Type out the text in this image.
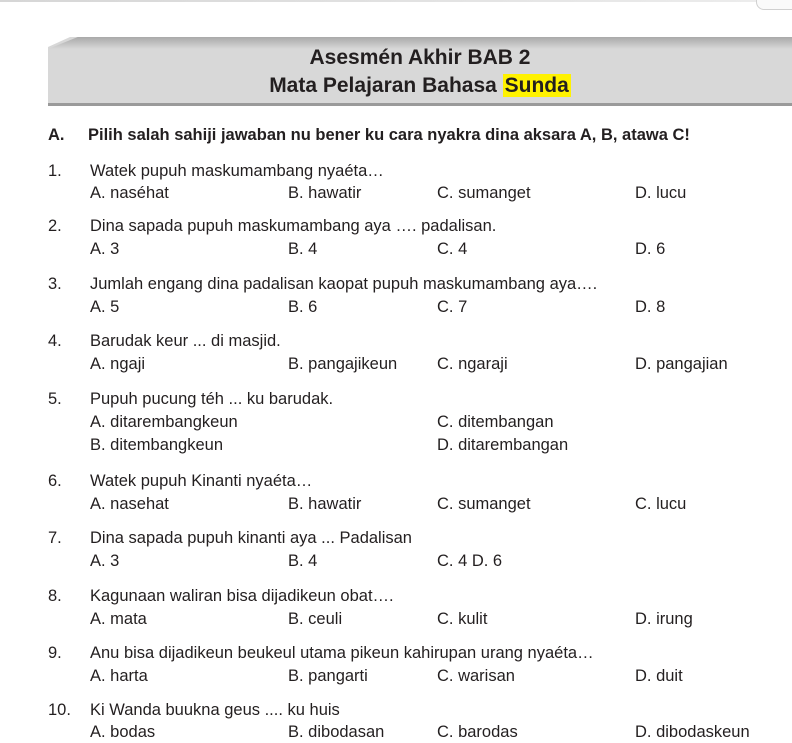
Asesmén Akhir BAB 2
Mata Pelajaran Bahasa Sunda
A. Pilih salah sahiji jawaban nu bener ku cara nyakra dina aksara A, B, atawa C!
1. Watek pupuh maskumambang nyaéta…
A. naséhat	B. hawatir	C. sumanget	D. lucu
2. Dina sapada pupuh maskumambang aya …. padalisan.
A. 3	B. 4	C. 4	D. 6
3. Jumlah engang dina padalisan kaopat pupuh maskumambang aya….
A. 5	B. 6	C. 7	D. 8
4. Barudak keur ... di masjid.
A. ngaji	B. pangajikeun C. ngaraji	D. pangajian
5. Pupuh pucung téh ... ku barudak.
A. ditarembangkeun	C. ditembangan
B. ditembangkeun	D. ditarembangan
6. Watek pupuh Kinanti nyaéta…
A. nasehat	B. hawatir	C. sumanget	C. lucu
7. Dina sapada pupuh kinanti aya ... Padalisan
A. 3	B. 4	C. 4 D. 6
8. Kagunaan waliran bisa dijadikeun obat….
A. mata	B. ceuli	C. kulit	D. irung
9. Anu bisa dijadikeun beukeul utama pikeun kahirupan urang nyaéta…
A. harta	B. pangarti	C. warisan	D. duit
10. Ki Wanda buukna geus .... ku huis
A. bodas	B. dibodasan	C. barodas	D. dibodaskeun
